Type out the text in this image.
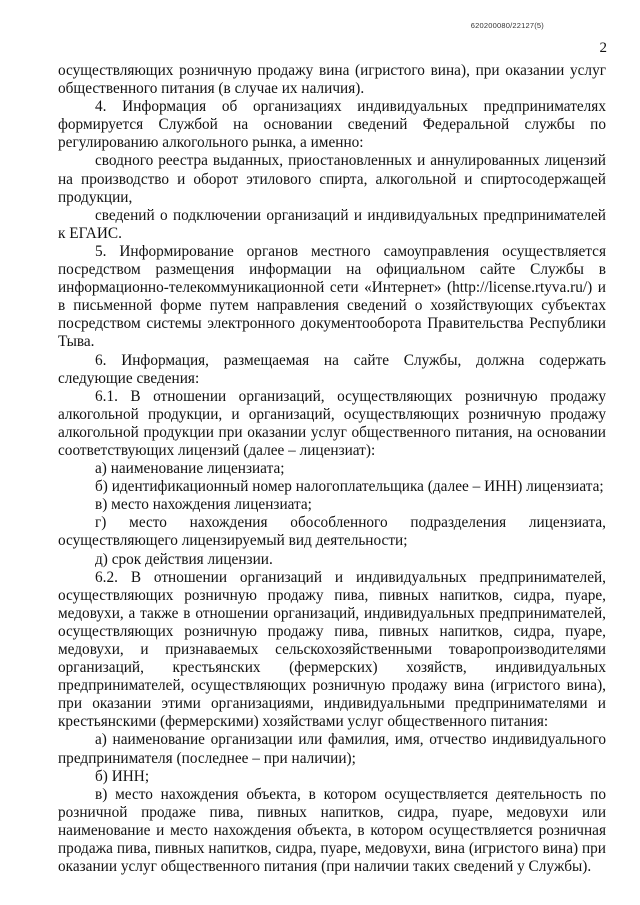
620200080/22127(5)
2

осуществляющих розничную продажу вина (игристого вина), при оказании услуг общественного питания (в случае их наличия).

4. Информация об организациях индивидуальных предпринимателях формируется Службой на основании сведений Федеральной службы по регулированию алкогольного рынка, а именно:

сводного реестра выданных, приостановленных и аннулированных лицензий на производство и оборот этилового спирта, алкогольной и спиртосодержащей продукции,

сведений о подключении организаций и индивидуальных предпринимателей к ЕГАИС.

5. Информирование органов местного самоуправления осуществляется посредством размещения информации на официальном сайте Службы в информационно-телекоммуникационной сети «Интернет» (http://license.rtyva.ru/) и в письменной форме путем направления сведений о хозяйствующих субъектах посредством системы электронного документооборота Правительства Республики Тыва.

6. Информация, размещаемая на сайте Службы, должна содержать следующие сведения:

6.1. В отношении организаций, осуществляющих розничную продажу алкогольной продукции, и организаций, осуществляющих розничную продажу алкогольной продукции при оказании услуг общественного питания, на основании соответствующих лицензий (далее – лицензиат):

а) наименование лицензиата;

б) идентификационный номер налогоплательщика (далее – ИНН) лицензиата;

в) место нахождения лицензиата;

г) место нахождения обособленного подразделения лицензиата, осуществляющего лицензируемый вид деятельности;

д) срок действия лицензии.

6.2. В отношении организаций и индивидуальных предпринимателей, осуществляющих розничную продажу пива, пивных напитков, сидра, пуаре, медовухи, а также в отношении организаций, индивидуальных предпринимателей, осуществляющих розничную продажу пива, пивных напитков, сидра, пуаре, медовухи, и признаваемых сельскохозяйственными товаропроизводителями организаций, крестьянских (фермерских) хозяйств, индивидуальных предпринимателей, осуществляющих розничную продажу вина (игристого вина), при оказании этими организациями, индивидуальными предпринимателями и крестьянскими (фермерскими) хозяйствами услуг общественного питания:

а) наименование организации или фамилия, имя, отчество индивидуального предпринимателя (последнее – при наличии);

б) ИНН;

в) место нахождения объекта, в котором осуществляется деятельность по розничной продаже пива, пивных напитков, сидра, пуаре, медовухи или наименование и место нахождения объекта, в котором осуществляется розничная продажа пива, пивных напитков, сидра, пуаре, медовухи, вина (игристого вина) при оказании услуг общественного питания (при наличии таких сведений у Службы).
